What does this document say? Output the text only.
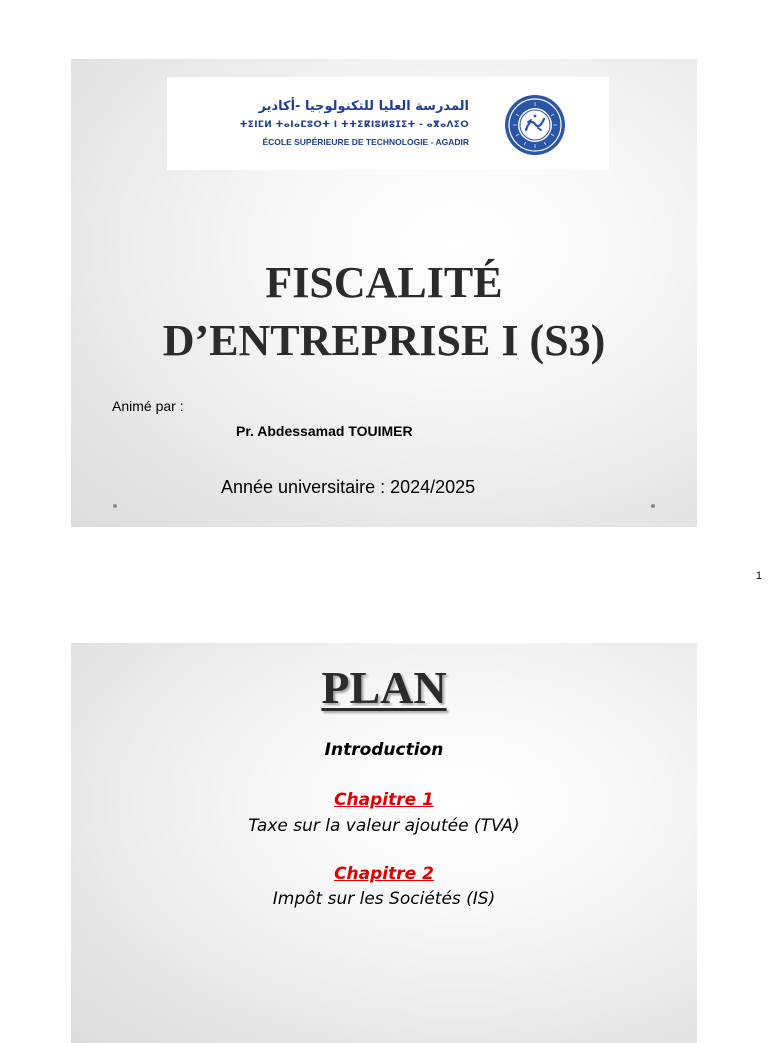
المدرسة العليا للتكنولوجيا -أكادير
ⵜⵉⵏⵎⵍ ⵜⴰⵏⴰⵎⵓⵔⵜ ⵏ ⵜⵜⵉⴽⵏⵓⵍⵓⵊⵉⵜ - ⴰⴳⴰⴷⵉⵔ
ÉCOLE SUPÉRIEURE DE TECHNOLOGIE - AGADIR
FISCALITÉ
D’ENTREPRISE I (S3)
Animé par :
Pr. Abdessamad TOUIMER
Année universitaire : 2024/2025
1
PLAN
Introduction
Chapitre 1
Taxe sur la valeur ajoutée (TVA)
Chapitre 2
Impôt sur les Sociétés (IS)
